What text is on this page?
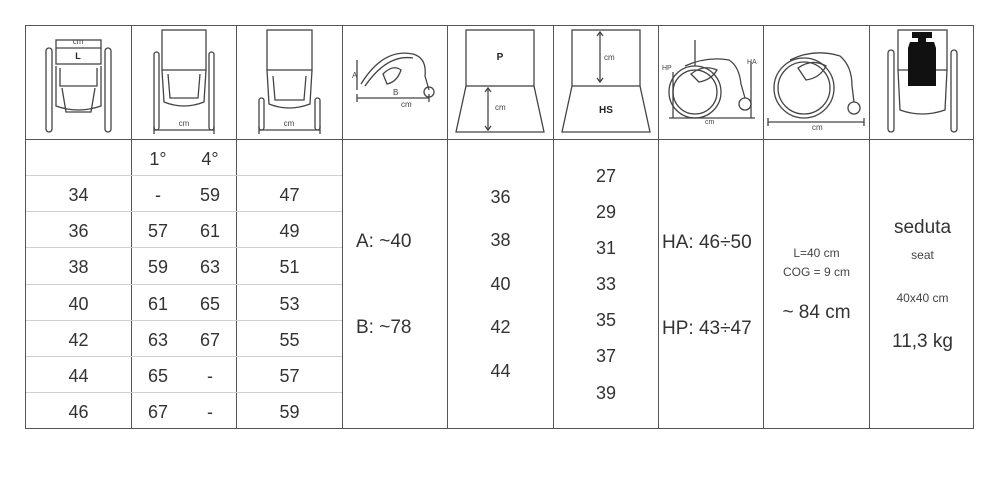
cm
L
cm	cm
A
B
cm
P
cm
cm
HS
HP
HA
cm
cm
34
36
38
40
42
44
46
1°
-
57
59
61
63
65
67
4°
59
61
63
65
67
-
-
47
49
51
53
55
57
59
A: ~40
B: ~78
36
38
40
42
44
27
29
31
33
35
37
39
HA: 46÷50
HP: 43÷47
L=40 cm
COG = 9 cm
~ 84 cm
seduta
seat
40x40 cm
11,3 kg
